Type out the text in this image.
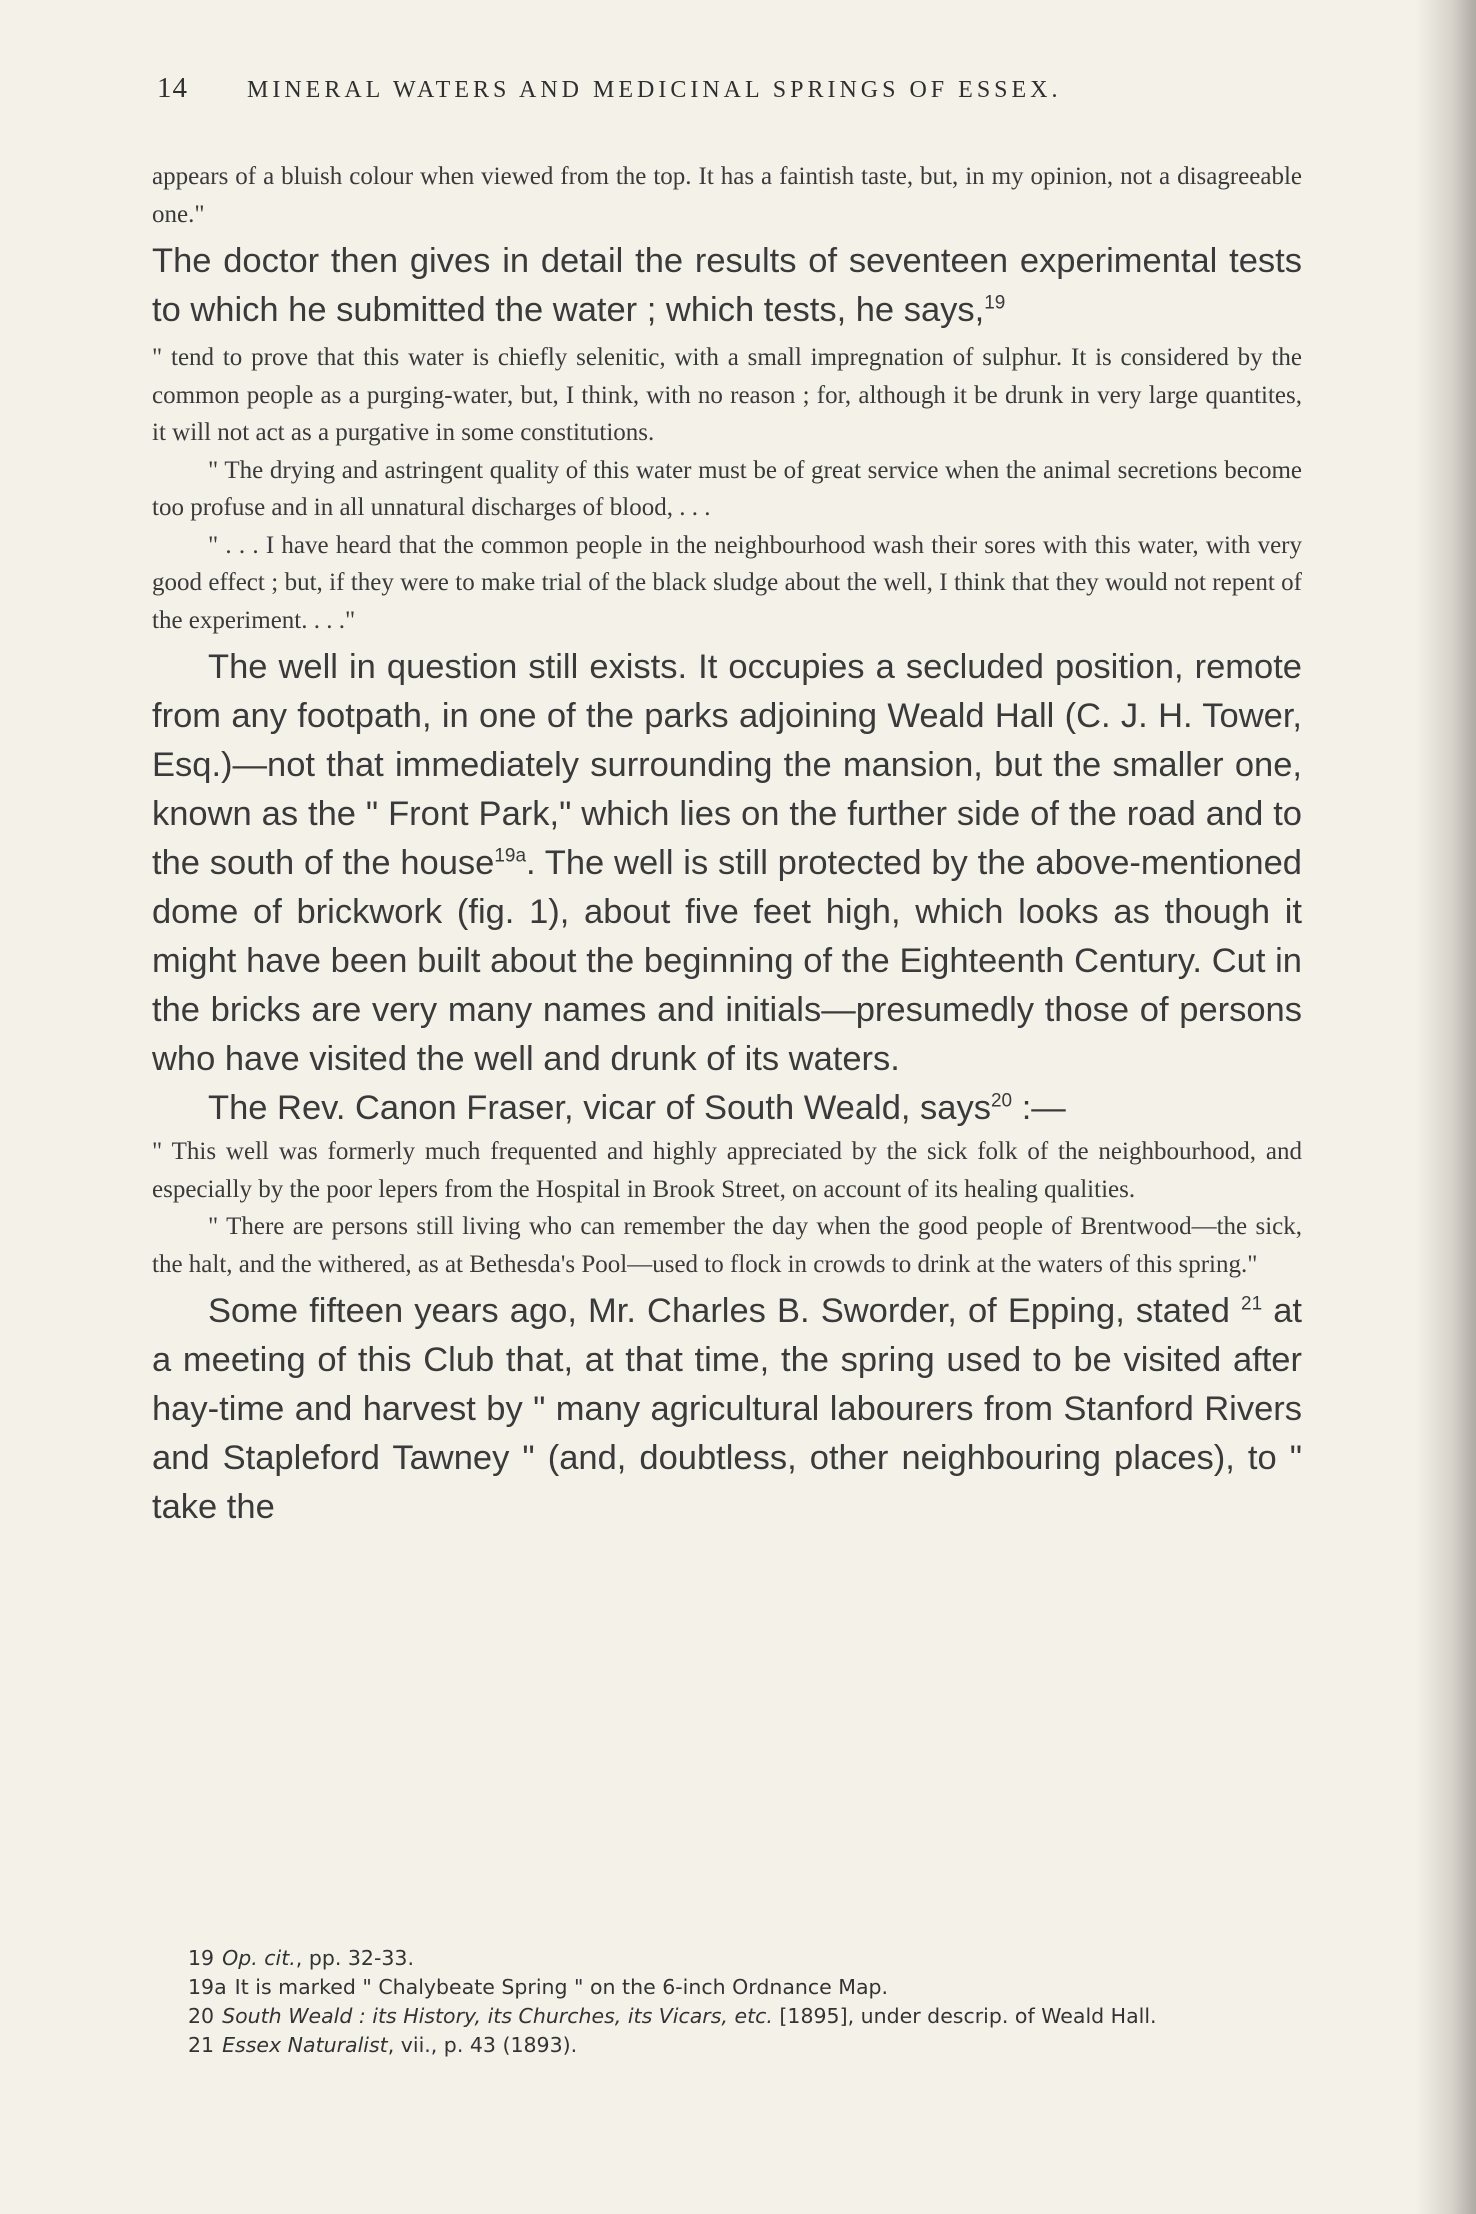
14 MINERAL WATERS AND MEDICINAL SPRINGS OF ESSEX.

appears of a bluish colour when viewed from the top. It has a faintish taste, but, in my opinion, not a disagreeable one."

The doctor then gives in detail the results of seventeen experimental tests to which he submitted the water ; which tests, he says,$^{19}$

" tend to prove that this water is chiefly selenitic, with a small impregnation of sulphur. It is considered by the common people as a purging-water, but, I think, with no reason ; for, although it be drunk in very large quantites, it will not act as a purgative in some constitutions.

" The drying and astringent quality of this water must be of great service when the animal secretions become too profuse and in all unnatural discharges of blood, . . .

" . . . I have heard that the common people in the neighbourhood wash their sores with this water, with very good effect ; but, if they were to make trial of the black sludge about the well, I think that they would not repent of the experiment. . . ."

The well in question still exists. It occupies a secluded position, remote from any footpath, in one of the parks adjoining Weald Hall (C. J. H. Tower, Esq.)—not that immediately surrounding the mansion, but the smaller one, known as the " Front Park," which lies on the further side of the road and to the south of the house$^{19a}$. The well is still protected by the above-mentioned dome of brickwork (fig. 1), about five feet high, which looks as though it might have been built about the beginning of the Eighteenth Century. Cut in the bricks are very many names and initials—presumedly those of persons who have visited the well and drunk of its waters.

The Rev. Canon Fraser, vicar of South Weald, says$^{20}$ :—

" This well was formerly much frequented and highly appreciated by the sick folk of the neighbourhood, and especially by the poor lepers from the Hospital in Brook Street, on account of its healing qualities.

" There are persons still living who can remember the day when the good people of Brentwood—the sick, the halt, and the withered, as at Bethesda's Pool—used to flock in crowds to drink at the waters of this spring."

Some fifteen years ago, Mr. Charles B. Sworder, of Epping, stated $^{21}$ at a meeting of this Club that, at that time, the spring used to be visited after hay-time and harvest by " many agricultural labourers from Stanford Rivers and Stapleford Tawney " (and, doubtless, other neighbouring places), to " take the

19 Op. cit., pp. 32-33.

19a It is marked " Chalybeate Spring " on the 6-inch Ordnance Map.

20 South Weald : its History, its Churches, its Vicars, etc. [1895], under descrip. of Weald Hall.

21 Essex Naturalist, vii., p. 43 (1893).
